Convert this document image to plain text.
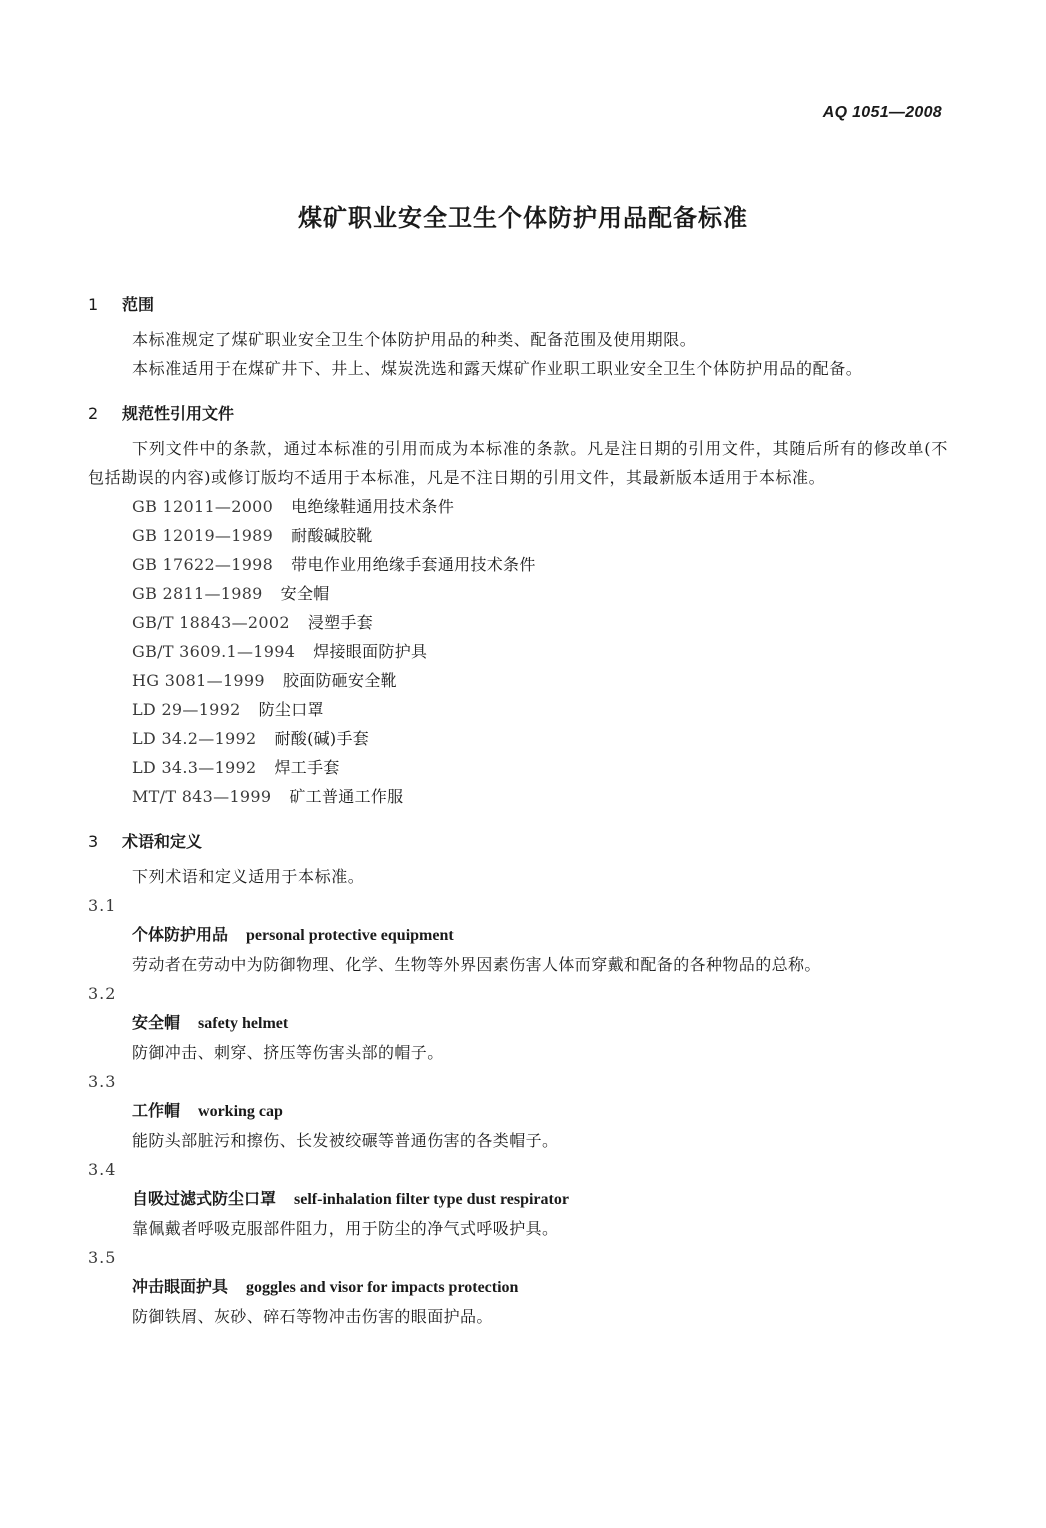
AQ 1051—2008
煤矿职业安全卫生个体防护用品配备标准
1 范围
本标准规定了煤矿职业安全卫生个体防护用品的种类、配备范围及使用期限。
本标准适用于在煤矿井下、井上、煤炭洗选和露天煤矿作业职工职业安全卫生个体防护用品的配备。
2 规范性引用文件
下列文件中的条款，通过本标准的引用而成为本标准的条款。凡是注日期的引用文件，其随后所有的修改单(不包括勘误的内容)或修订版均不适用于本标准，凡是不注日期的引用文件，其最新版本适用于本标准。
GB 12011—2000 电绝缘鞋通用技术条件
GB 12019—1989 耐酸碱胶靴
GB 17622—1998 带电作业用绝缘手套通用技术条件
GB 2811—1989 安全帽
GB/T 18843—2002 浸塑手套
GB/T 3609.1—1994 焊接眼面防护具
HG 3081—1999 胶面防砸安全靴
LD 29—1992 防尘口罩
LD 34.2—1992 耐酸(碱)手套
LD 34.3—1992 焊工手套
MT/T 843—1999 矿工普通工作服
3 术语和定义
下列术语和定义适用于本标准。
3.1
个体防护用品 personal protective equipment
劳动者在劳动中为防御物理、化学、生物等外界因素伤害人体而穿戴和配备的各种物品的总称。
3.2
安全帽 safety helmet
防御冲击、刺穿、挤压等伤害头部的帽子。
3.3
工作帽 working cap
能防头部脏污和擦伤、长发被绞碾等普通伤害的各类帽子。
3.4
自吸过滤式防尘口罩 self-inhalation filter type dust respirator
靠佩戴者呼吸克服部件阻力，用于防尘的净气式呼吸护具。
3.5
冲击眼面护具 goggles and visor for impacts protection
防御铁屑、灰砂、碎石等物冲击伤害的眼面护品。
